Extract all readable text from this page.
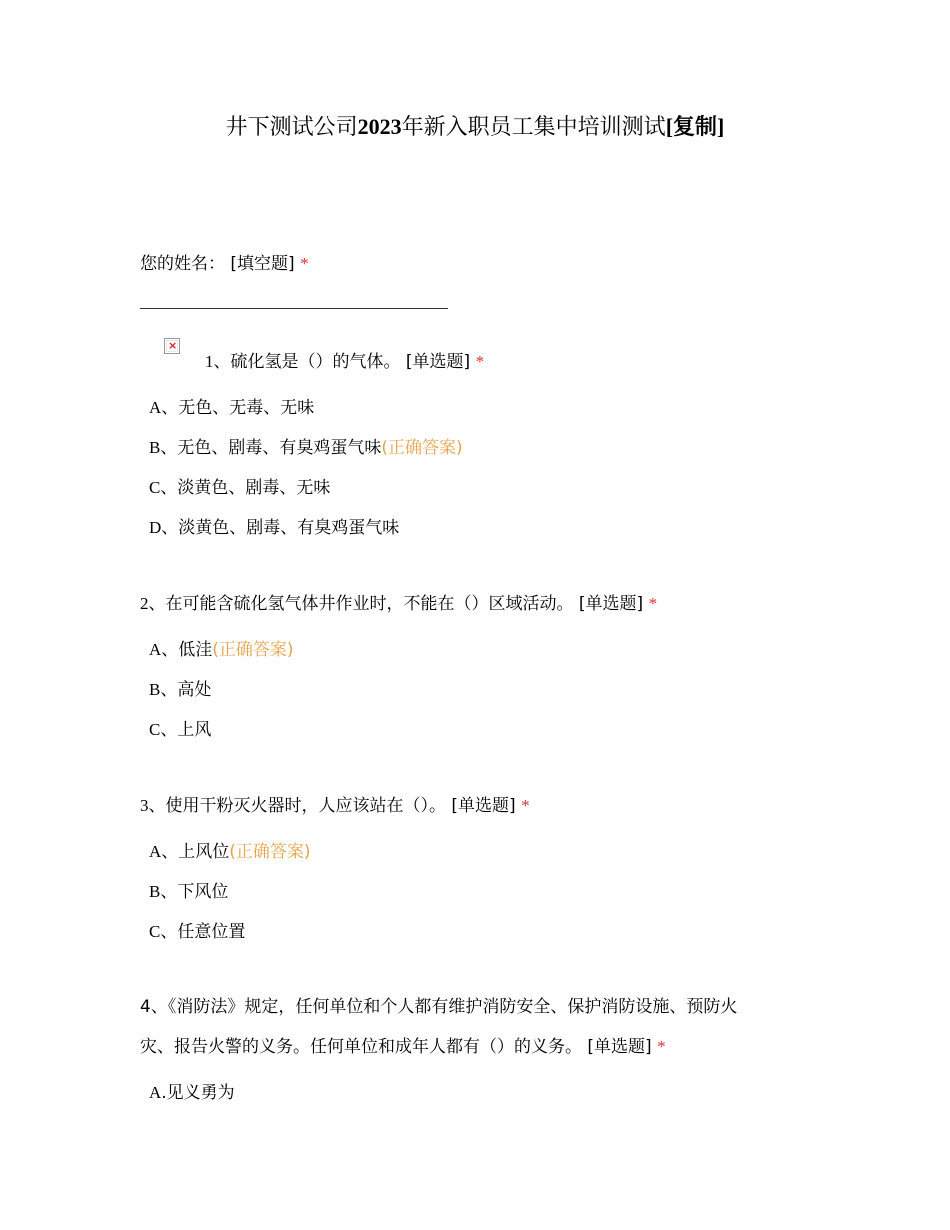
井下测试公司2023年新入职员工集中培训测试[复制]
您的姓名： [填空题] *
×
1、硫化氢是（）的气体。 [单选题] *
A、无色、无毒、无味
B、无色、剧毒、有臭鸡蛋气味(正确答案)
C、淡黄色、剧毒、无味
D、淡黄色、剧毒、有臭鸡蛋气味
2、在可能含硫化氢气体井作业时，不能在（）区域活动。 [单选题] *
A、低洼(正确答案)
B、高处
C、上风
3、使用干粉灭火器时，人应该站在（）。 [单选题] *
A、上风位(正确答案)
B、下风位
C、任意位置
4、《消防法》规定，任何单位和个人都有维护消防安全、保护消防设施、预防火
灾、报告火警的义务。任何单位和成年人都有（）的义务。 [单选题] *
A.见义勇为
